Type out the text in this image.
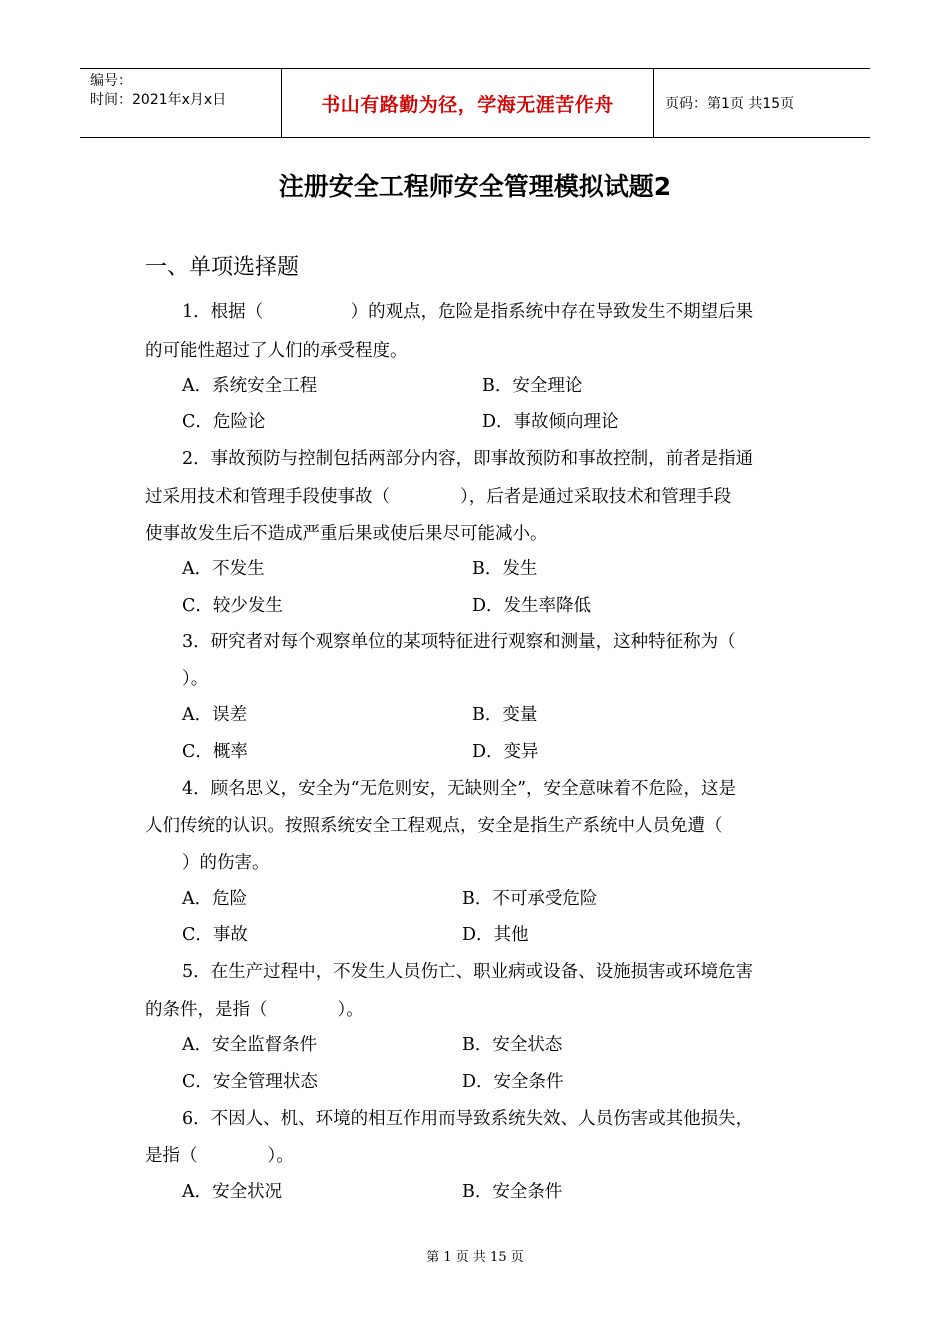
编号：
时间：2021年x月x日	书山有路勤为径，学海无涯苦作舟	页码：第1页 共15页
注册安全工程师安全管理模拟试题2
一、单项选择题
1．根据（　　　　　）的观点，危险是指系统中存在导致发生不期望后果
的可能性超过了人们的承受程度。
A．系统安全工程	B．安全理论
C．危险论	D．事故倾向理论
2．事故预防与控制包括两部分内容，即事故预防和事故控制，前者是指通
过采用技术和管理手段使事故（　　　　），后者是通过采取技术和管理手段
使事故发生后不造成严重后果或使后果尽可能减小。
A．不发生	B．发生
C．较少发生	D．发生率降低
3．研究者对每个观察单位的某项特征进行观察和测量，这种特征称为（
）。
A．误差	B．变量
C．概率	D．变异
4．顾名思义，安全为“无危则安，无缺则全”，安全意味着不危险，这是
人们传统的认识。按照系统安全工程观点，安全是指生产系统中人员免遭（
）的伤害。
A．危险	B．不可承受危险
C．事故	D．其他
5．在生产过程中，不发生人员伤亡、职业病或设备、设施损害或环境危害
的条件，是指（　　　　）。
A．安全监督条件	B．安全状态
C．安全管理状态	D．安全条件
6．不因人、机、环境的相互作用而导致系统失效、人员伤害或其他损失，
是指（　　　　）。
A．安全状况	B．安全条件
第 1 页 共 15 页
